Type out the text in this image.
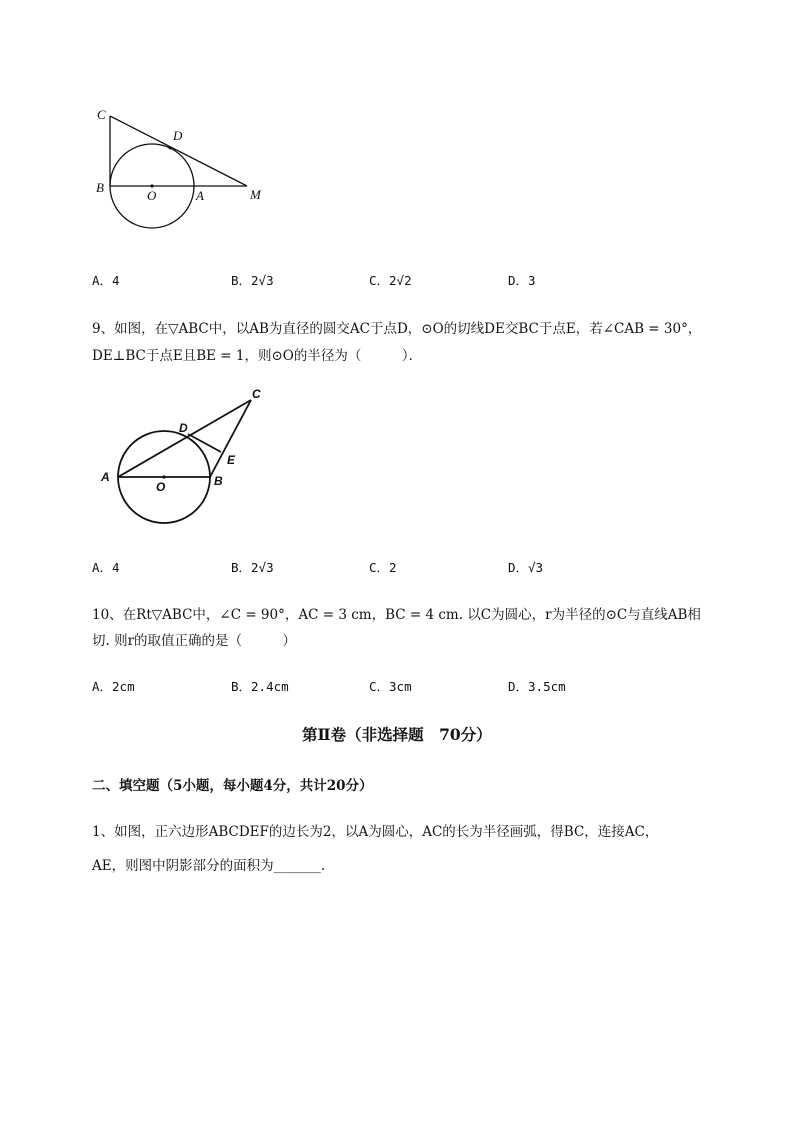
C
D
B
O	A	M
A．4	B．2√3	C．2√2	D．3
9、如图，在▽ABC中，以AB为直径的圆交AC于点D，⊙O的切线DE交BC于点E，若∠CAB = 30°，
DE⊥BC于点E且BE = 1，则⊙O的半径为（　　　）．
C
D
E
A
O	B
A．4	B．2√3	C．2	D．√3
10、在Rt▽ABC中，∠C = 90°，AC = 3 cm，BC = 4 cm. 以C为圆心，r为半径的⊙C与直线AB相
切. 则r的取值正确的是（　　　）
A．2cm	B．2.4cm	C．3cm	D．3.5cm
第Ⅱ卷（非选择题　70分）
二、填空题（5小题，每小题4分，共计20分）
1、如图，正六边形ABCDEF的边长为2，以A为圆心，AC的长为半径画弧，得BC，连接AC，
AE，则图中阴影部分的面积为_______.
